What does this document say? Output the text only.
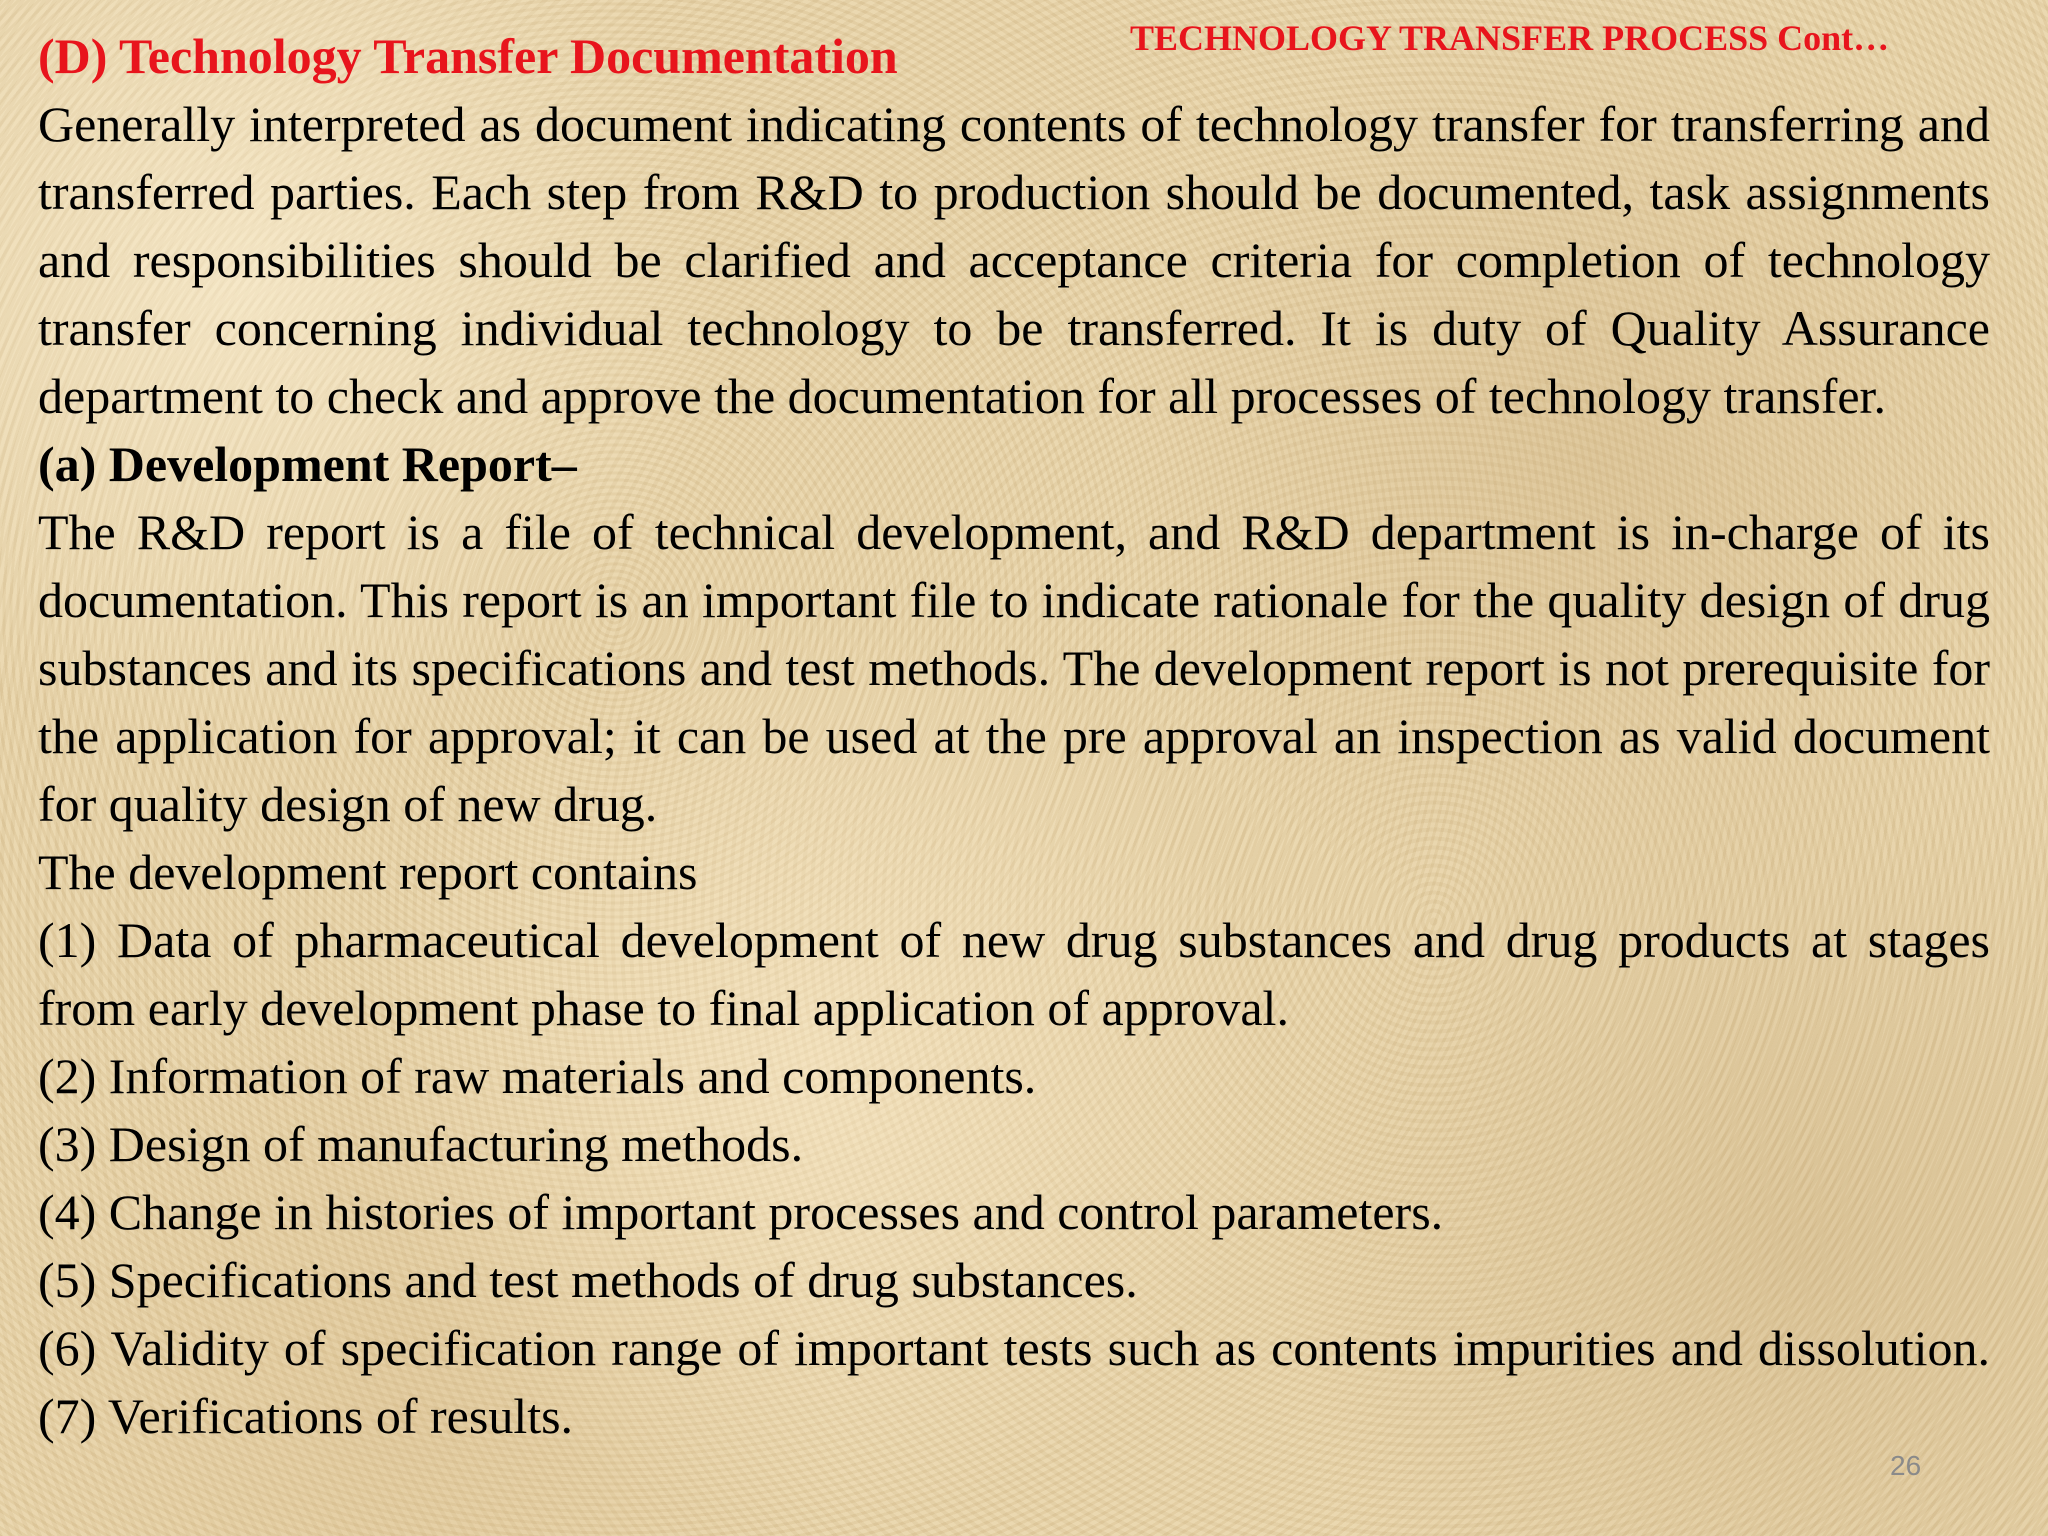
(D) Technology Transfer Documentation	TECHNOLOGY TRANSFER PROCESS Cont…

Generally interpreted as document indicating contents of technology transfer for transferring and transferred parties. Each step from R&D to production should be documented, task assignments and responsibilities should be clarified and acceptance criteria for completion of technology transfer concerning individual technology to be transferred. It is duty of Quality Assurance department to check and approve the documentation for all processes of technology transfer.

(a) Development Report–

The R&D report is a file of technical development, and R&D department is in-charge of its documentation. This report is an important file to indicate rationale for the quality design of drug substances and its specifications and test methods. The development report is not prerequisite for the application for approval; it can be used at the pre approval an inspection as valid document for quality design of new drug.

The development report contains

(1) Data of pharmaceutical development of new drug substances and drug products at stages from early development phase to final application of approval.

(2) Information of raw materials and components.

(3) Design of manufacturing methods.

(4) Change in histories of important processes and control parameters.

(5) Specifications and test methods of drug substances.

(6) Validity of specification range of important tests such as contents impurities and dissolution. (7) Verifications of results.

26
